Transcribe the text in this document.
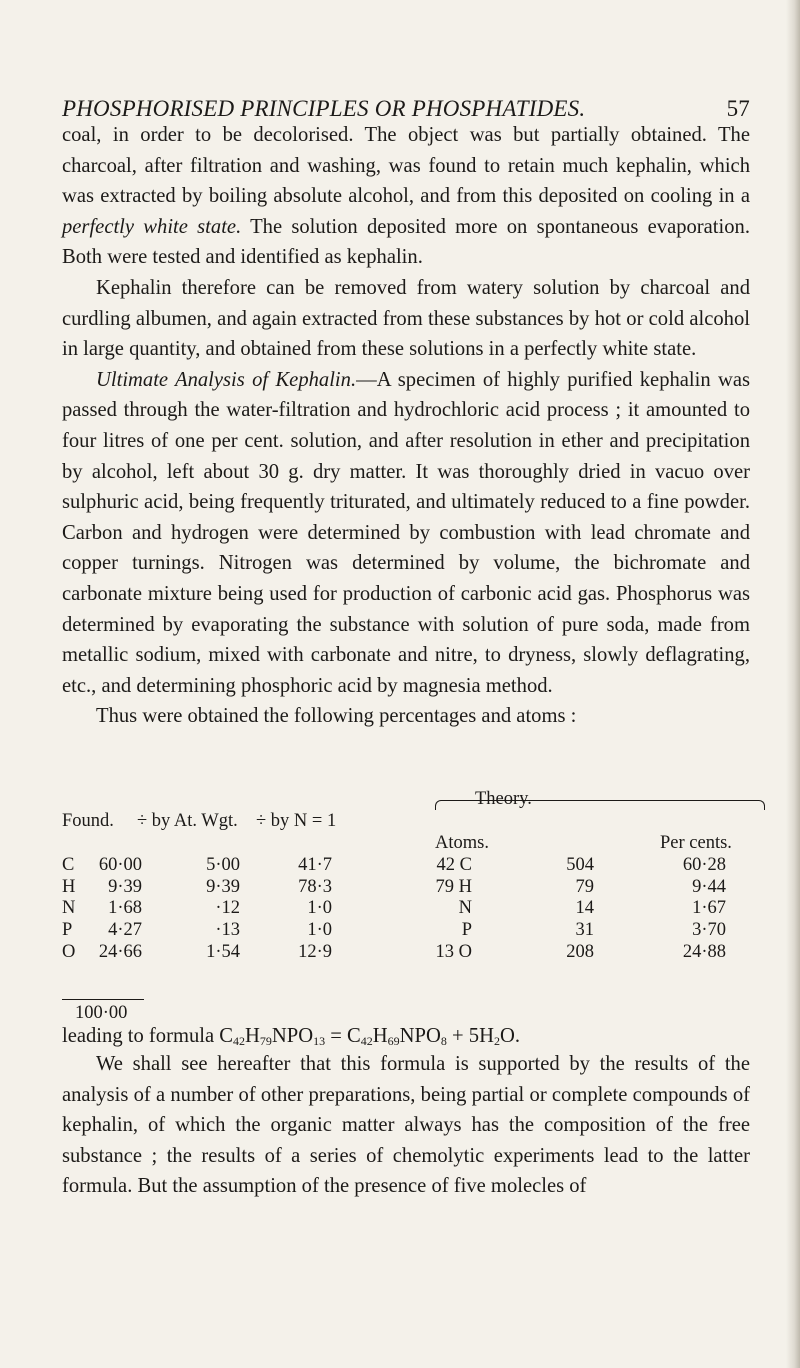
PHOSPHORISED PRINCIPLES OR PHOSPHATIDES.	57

coal, in order to be decolorised. The object was but partially obtained. The charcoal, after filtration and washing, was found to retain much kephalin, which was extracted by boiling absolute alcohol, and from this deposited on cooling in a perfectly white state. The solution deposited more on spontaneous evaporation. Both were tested and identified as kephalin.

Kephalin therefore can be removed from watery solution by charcoal and curdling albumen, and again extracted from these substances by hot or cold alcohol in large quantity, and obtained from these solutions in a perfectly white state.

Ultimate Analysis of Kephalin.—A specimen of highly purified kephalin was passed through the water-filtration and hydrochloric acid process ; it amounted to four litres of one per cent. solution, and after resolution in ether and precipitation by alcohol, left about 30 g. dry matter. It was thoroughly dried in vacuo over sulphuric acid, being frequently triturated, and ultimately reduced to a fine powder. Carbon and hydrogen were determined by combustion with lead chromate and copper turnings. Nitrogen was determined by volume, the bichromate and carbonate mixture being used for production of carbonic acid gas. Phosphorus was determined by evaporating the substance with solution of pure soda, made from metallic sodium, mixed with carbonate and nitre, to dryness, slowly deflagrating, etc., and determining phosphoric acid by magnesia method.

Thus were obtained the following percentages and atoms :

Theory.
Found. ÷ by At. Wgt. ÷ by N = 1
Atoms.	Per cents.
C	60·00	5·00	41·7	42 C	504	60·28
H	9·39	9·39	78·3	79 H	79	9·44
N	1·68	·12	1·0	N	14	1·67
P	4·27	·13	1·0	P	31	3·70
O	24·66	1·54	12·9	13 O	208	24·88
100·00

leading to formula $C_{42}H_{79}NPO_{13} = C_{42}H_{69}NPO_8 + 5H_2O$.

We shall see hereafter that this formula is supported by the results of the analysis of a number of other preparations, being partial or complete compounds of kephalin, of which the organic matter always has the composition of the free substance ; the results of a series of chemolytic experiments lead to the latter formula. But the assumption of the presence of five molecles of
